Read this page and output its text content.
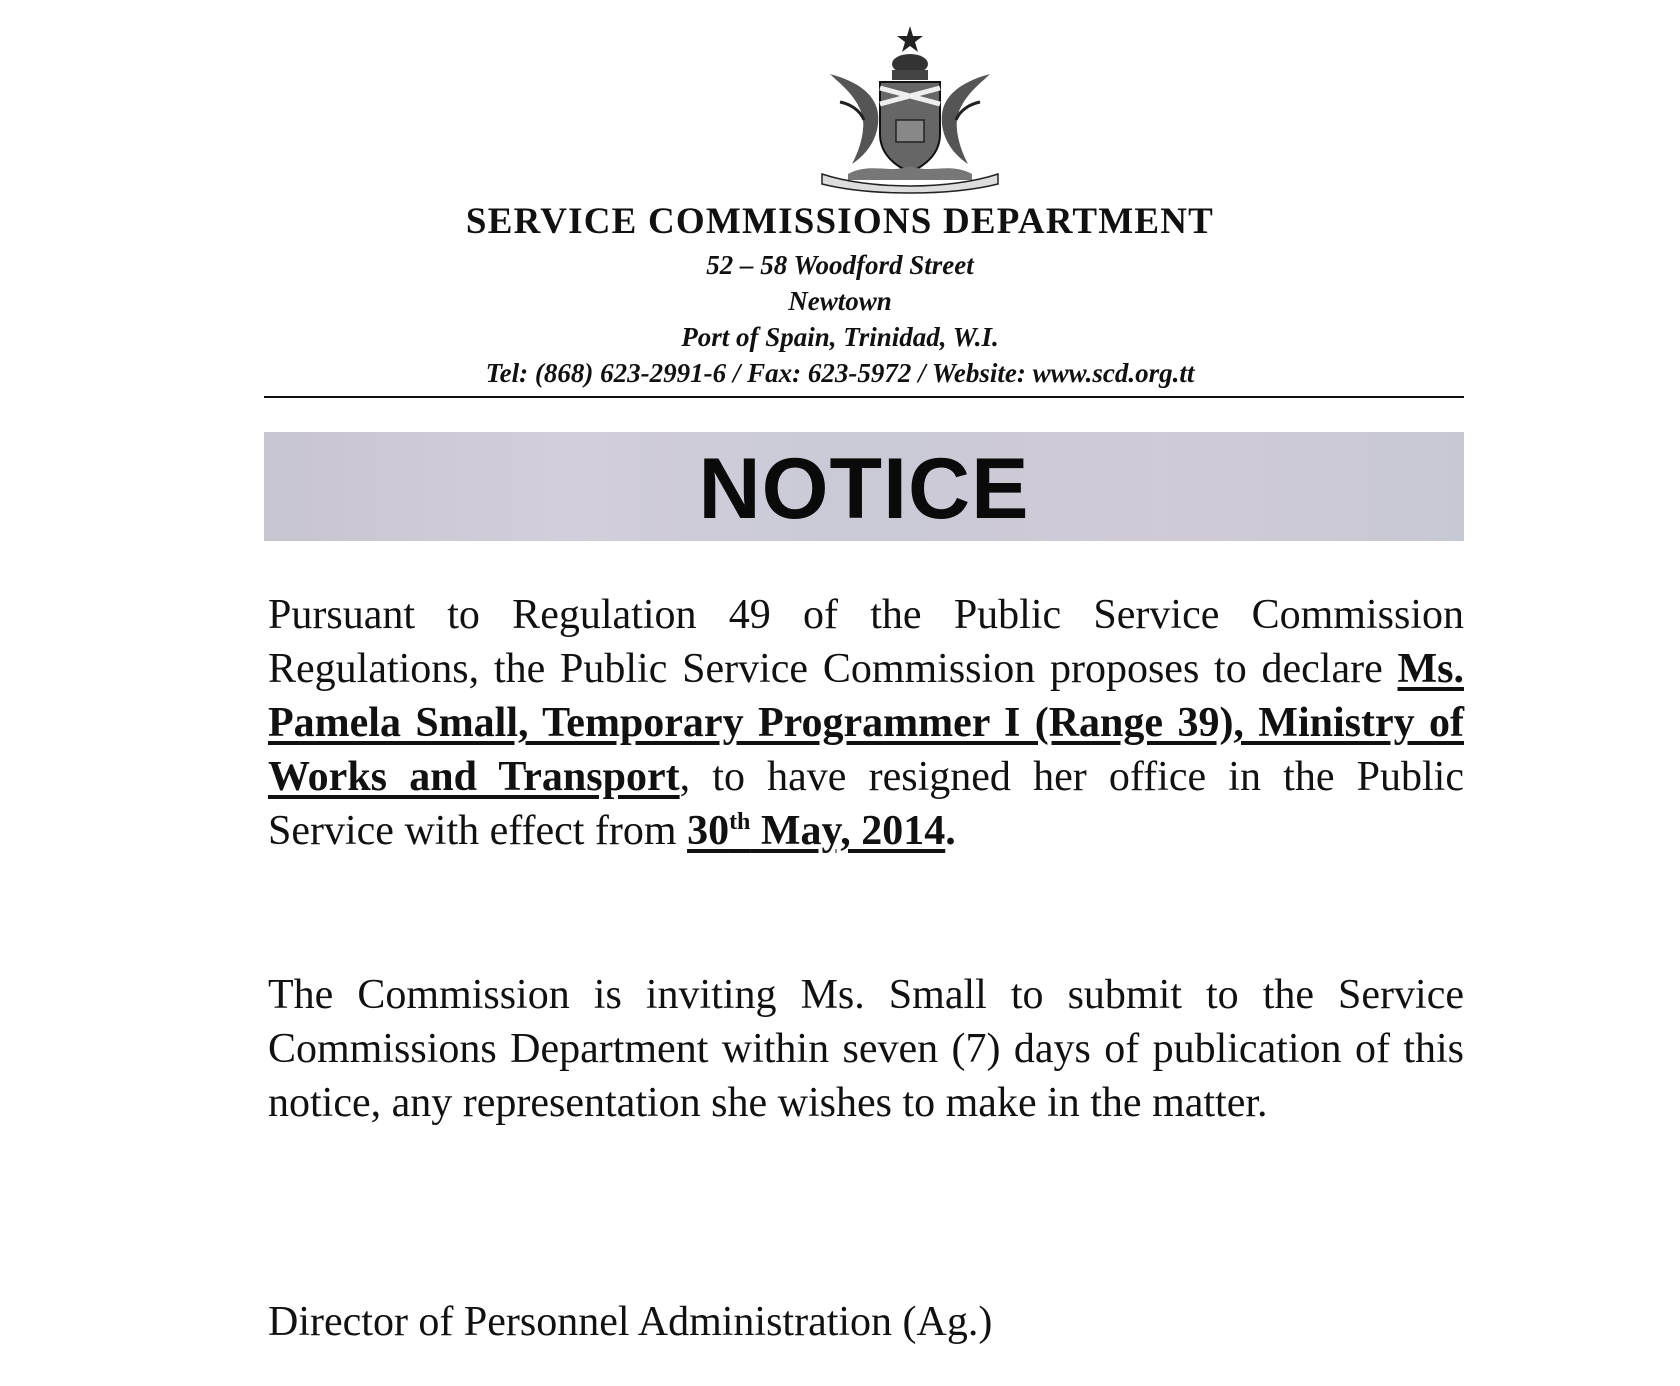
SERVICE COMMISSIONS DEPARTMENT
52 – 58 Woodford Street
Newtown
Port of Spain, Trinidad, W.I.
Tel: (868) 623-2991-6 / Fax: 623-5972 / Website: www.scd.org.tt
NOTICE
Pursuant to Regulation 49 of the Public Service Commission Regulations, the Public Service Commission proposes to declare Ms. Pamela Small, Temporary Programmer I (Range 39), Ministry of Works and Transport, to have resigned her office in the Public Service with effect from 30th May, 2014.
The Commission is inviting Ms. Small to submit to the Service Commissions Department within seven (7) days of publication of this notice, any representation she wishes to make in the matter.
Director of Personnel Administration (Ag.)
